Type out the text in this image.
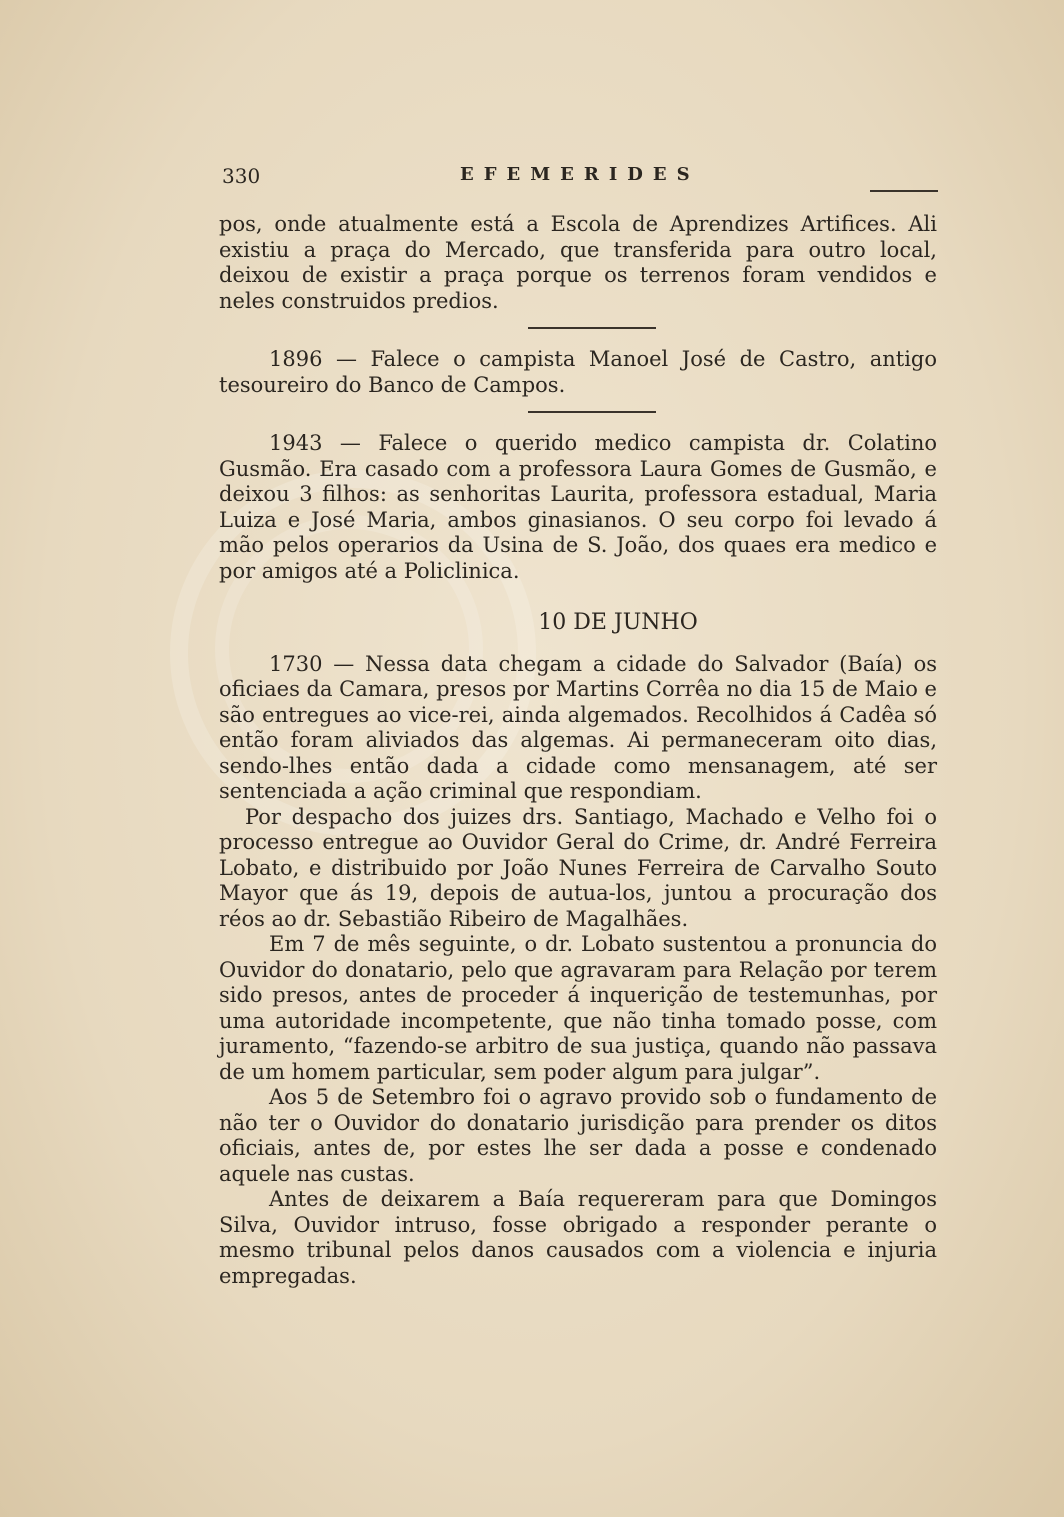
330	EFEMERIDES

pos, onde atualmente está a Escola de Aprendizes Artifices. Ali existiu a praça do Mercado, que transferida para outro local, deixou de existir a praça porque os terrenos foram vendidos e neles construidos predios.

1896 — Falece o campista Manoel José de Castro, antigo tesoureiro do Banco de Campos.

1943 — Falece o querido medico campista dr. Colatino Gusmão. Era casado com a professora Laura Gomes de Gusmão, e deixou 3 filhos: as senhoritas Laurita, professora estadual, Maria Luiza e José Maria, ambos ginasianos. O seu corpo foi levado á mão pelos operarios da Usina de S. João, dos quaes era medico e por amigos até a Policlinica.

10 DE JUNHO

1730 — Nessa data chegam a cidade do Salvador (Baía) os oficiaes da Camara, presos por Martins Corrêa no dia 15 de Maio e são entregues ao vice-rei, ainda algemados. Recolhidos á Cadêa só então foram aliviados das algemas. Ai permaneceram oito dias, sendo-lhes então dada a cidade como mensanagem, até ser sentenciada a ação criminal que respondiam.

Por despacho dos juizes drs. Santiago, Machado e Velho foi o processo entregue ao Ouvidor Geral do Crime, dr. André Ferreira Lobato, e distribuido por João Nunes Ferreira de Carvalho Souto Mayor que ás 19, depois de autua-los, juntou a procuração dos réos ao dr. Sebastião Ribeiro de Magalhães.

Em 7 de mês seguinte, o dr. Lobato sustentou a pronuncia do Ouvidor do donatario, pelo que agravaram para Relação por terem sido presos, antes de proceder á inquerição de testemunhas, por uma autoridade incompetente, que não tinha tomado posse, com juramento, “fazendo-se arbitro de sua justiça, quando não passava de um homem particular, sem poder algum para julgar”.

Aos 5 de Setembro foi o agravo provido sob o fundamento de não ter o Ouvidor do donatario jurisdição para prender os ditos oficiais, antes de, por estes lhe ser dada a posse e condenado aquele nas custas.

Antes de deixarem a Baía requereram para que Domingos Silva, Ouvidor intruso, fosse obrigado a responder perante o mesmo tribunal pelos danos causados com a violencia e injuria empregadas.
